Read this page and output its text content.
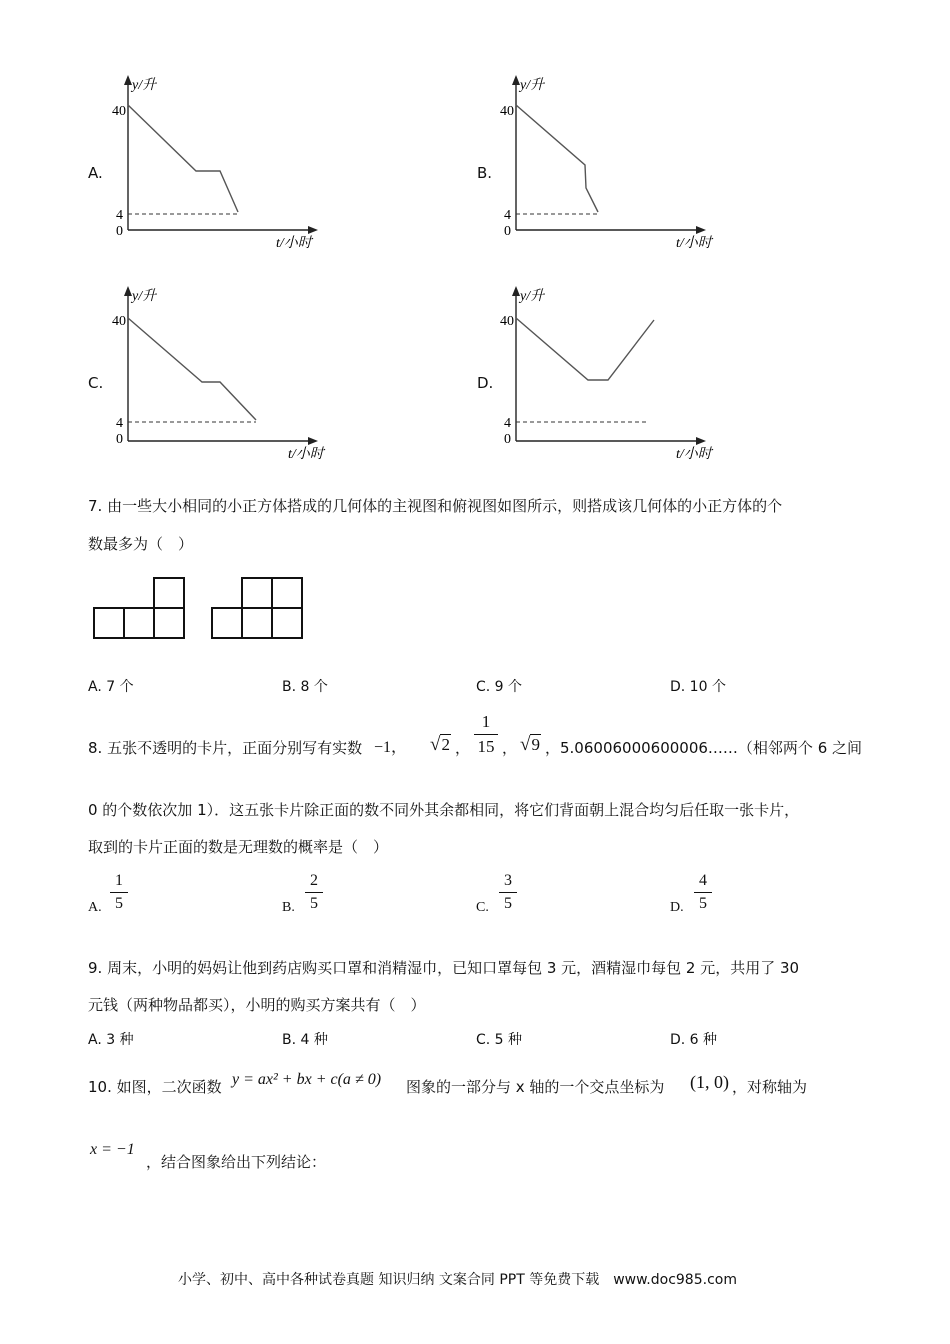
A.	B.
C.	D.
y/升
40
4
0
t/小时
y/升
40
4
0
t/小时
y/升
40
4
0
t/小时
y/升
40
4
0
t/小时
7. 由一些大小相同的小正方体搭成的几何体的主视图和俯视图如图所示，则搭成该几何体的小正方体的个
数最多为（　）
A. 7 个	B. 8 个	C. 9 个	D. 10 个
8. 五张不透明的卡片，正面分别写有实数 −1， √2 ，
1
15 ， √9 ，5.06006000600006……（相邻两个 6 之间
0 的个数依次加 1）．这五张卡片除正面的数不同外其余都相同，将它们背面朝上混合均匀后任取一张卡片，
取到的卡片正面的数是无理数的概率是（　）
A.
1
5	B.
2
5	C.
3
5	D.
4
5
9. 周末，小明的妈妈让他到药店购买口罩和消精湿巾，已知口罩每包 3 元，酒精湿巾每包 2 元，共用了 30
元钱（两种物品都买），小明的购买方案共有（　）
A. 3 种	B. 4 种	C. 5 种	D. 6 种
10. 如图，二次函数 y = ax² + bx + c(a ≠ 0) 图象的一部分与 x 轴的一个交点坐标为 (1, 0) ，对称轴为
x = −1
，结合图象给出下列结论：
小学、初中、高中各种试卷真题 知识归纳 文案合同 PPT 等免费下载　www.doc985.com
